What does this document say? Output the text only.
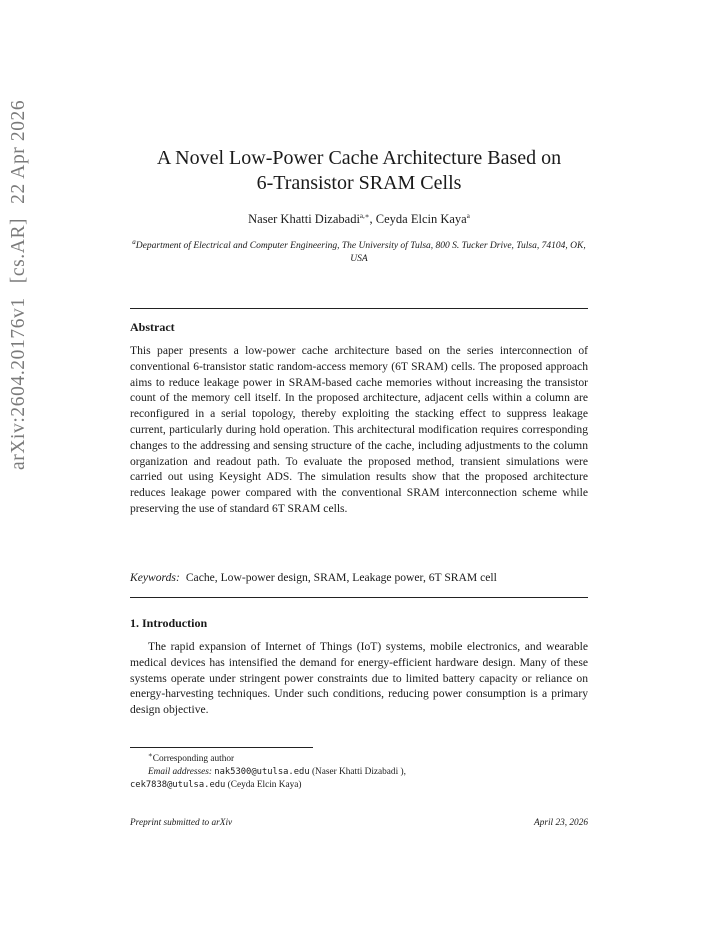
arXiv:2604.20176v1[cs.AR]22 Apr 2026	A Novel Low-Power Cache Architecture Based on
6-Transistor SRAM Cells
Naser Khatti Dizabadi$^{a,∗}$, Ceyda Elcin Kaya$^a$
$^a$Department of Electrical and Computer Engineering, The University of Tulsa, 800 S. Tucker Drive, Tulsa, 74104, OK, USA
Abstract
This paper presents a low-power cache architecture based on the series interconnection of conventional 6-transistor static random-access memory (6T SRAM) cells. The proposed approach aims to reduce leakage power in SRAM-based cache memories without increasing the transistor count of the memory cell itself. In the proposed architecture, adjacent cells within a column are reconfigured in a serial topology, thereby exploiting the stacking effect to suppress leakage current, particularly during hold operation. This architectural modification requires corresponding changes to the addressing and sensing structure of the cache, including adjustments to the column organization and readout path. To evaluate the proposed method, transient simulations were carried out using Keysight ADS. The simulation results show that the proposed architecture reduces leakage power compared with the conventional SRAM interconnection scheme while preserving the use of standard 6T SRAM cells.
Keywords: Cache, Low-power design, SRAM, Leakage power, 6T SRAM cell
1. Introduction
The rapid expansion of Internet of Things (IoT) systems, mobile electronics, and wearable medical devices has intensified the demand for energy-efficient hardware design. Many of these systems operate under stringent power constraints due to limited battery capacity or reliance on energy-harvesting techniques. Under such conditions, reducing power consumption is a primary design objective.
∗Corresponding author
Email addresses: nak5300@utulsa.edu (Naser Khatti Dizabadi ),
cek7838@utulsa.edu (Ceyda Elcin Kaya)
Preprint submitted to arXiv	April 23, 2026
